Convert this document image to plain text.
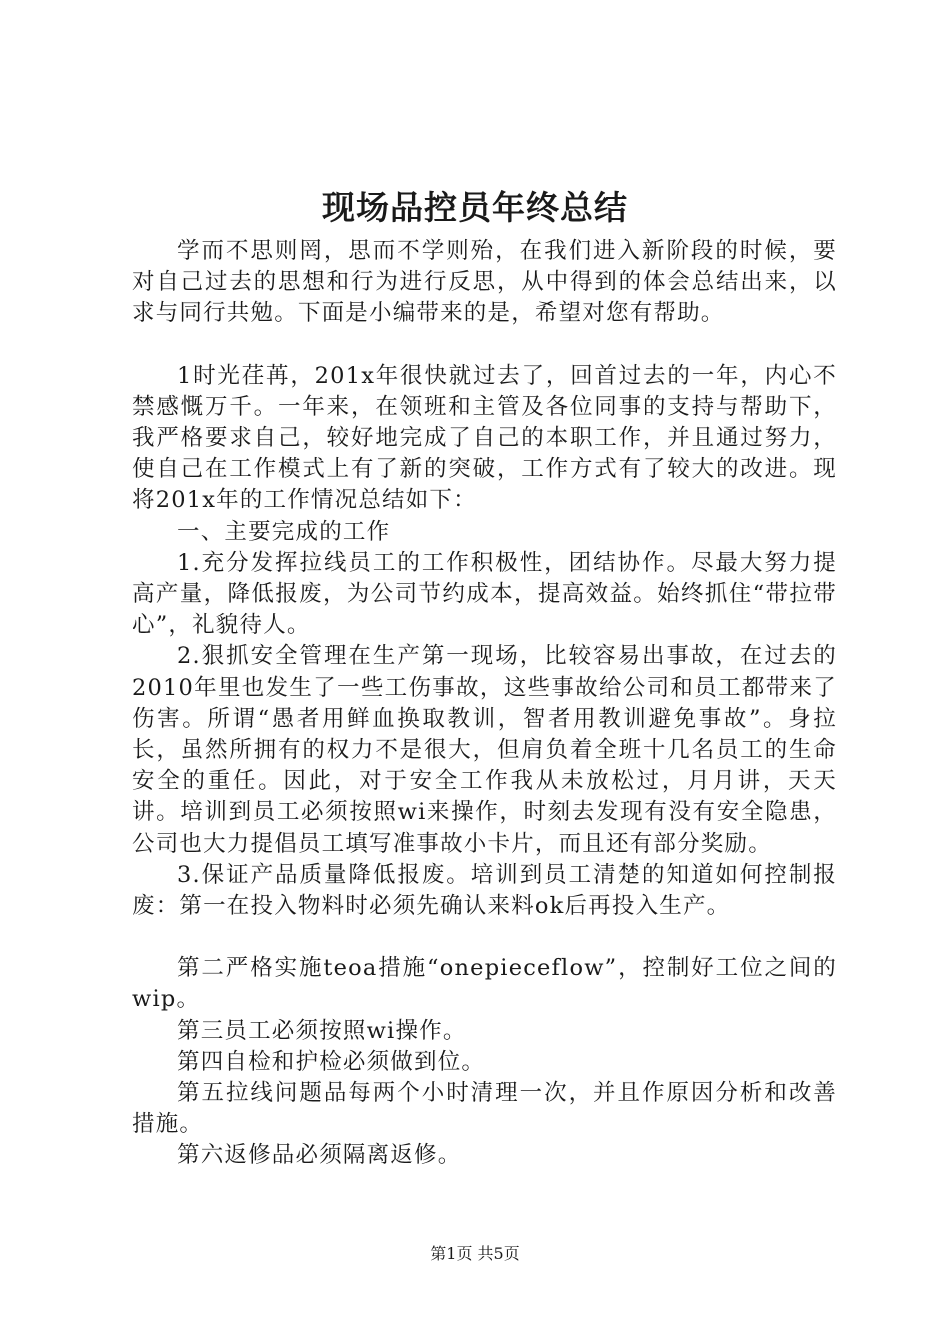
现场品控员年终总结

学而不思则罔，思而不学则殆，在我们进入新阶段的时候，要对自己过去的思想和行为进行反思，从中得到的体会总结出来，以求与同行共勉。下面是小编带来的是，希望对您有帮助。

1时光荏苒，201x年很快就过去了，回首过去的一年，内心不禁感慨万千。一年来，在领班和主管及各位同事的支持与帮助下，我严格要求自己，较好地完成了自己的本职工作，并且通过努力，使自己在工作模式上有了新的突破，工作方式有了较大的改进。现将201x年的工作情况总结如下：

一、主要完成的工作

1.充分发挥拉线员工的工作积极性，团结协作。尽最大努力提高产量，降低报废，为公司节约成本，提高效益。始终抓住“带拉带心”，礼貌待人。

2.狠抓安全管理在生产第一现场，比较容易出事故，在过去的2010年里也发生了一些工伤事故，这些事故给公司和员工都带来了伤害。所谓“愚者用鲜血换取教训，智者用教训避免事故”。身拉长，虽然所拥有的权力不是很大，但肩负着全班十几名员工的生命安全的重任。因此，对于安全工作我从未放松过，月月讲，天天讲。培训到员工必须按照wi来操作，时刻去发现有没有安全隐患，公司也大力提倡员工填写准事故小卡片，而且还有部分奖励。

3.保证产品质量降低报废。培训到员工清楚的知道如何控制报废：第一在投入物料时必须先确认来料ok后再投入生产。

第二严格实施teoa措施“onepieceflow”，控制好工位之间的wip。

第三员工必须按照wi操作。

第四自检和护检必须做到位。

第五拉线问题品每两个小时清理一次，并且作原因分析和改善措施。

第六返修品必须隔离返修。

第1页 共5页
